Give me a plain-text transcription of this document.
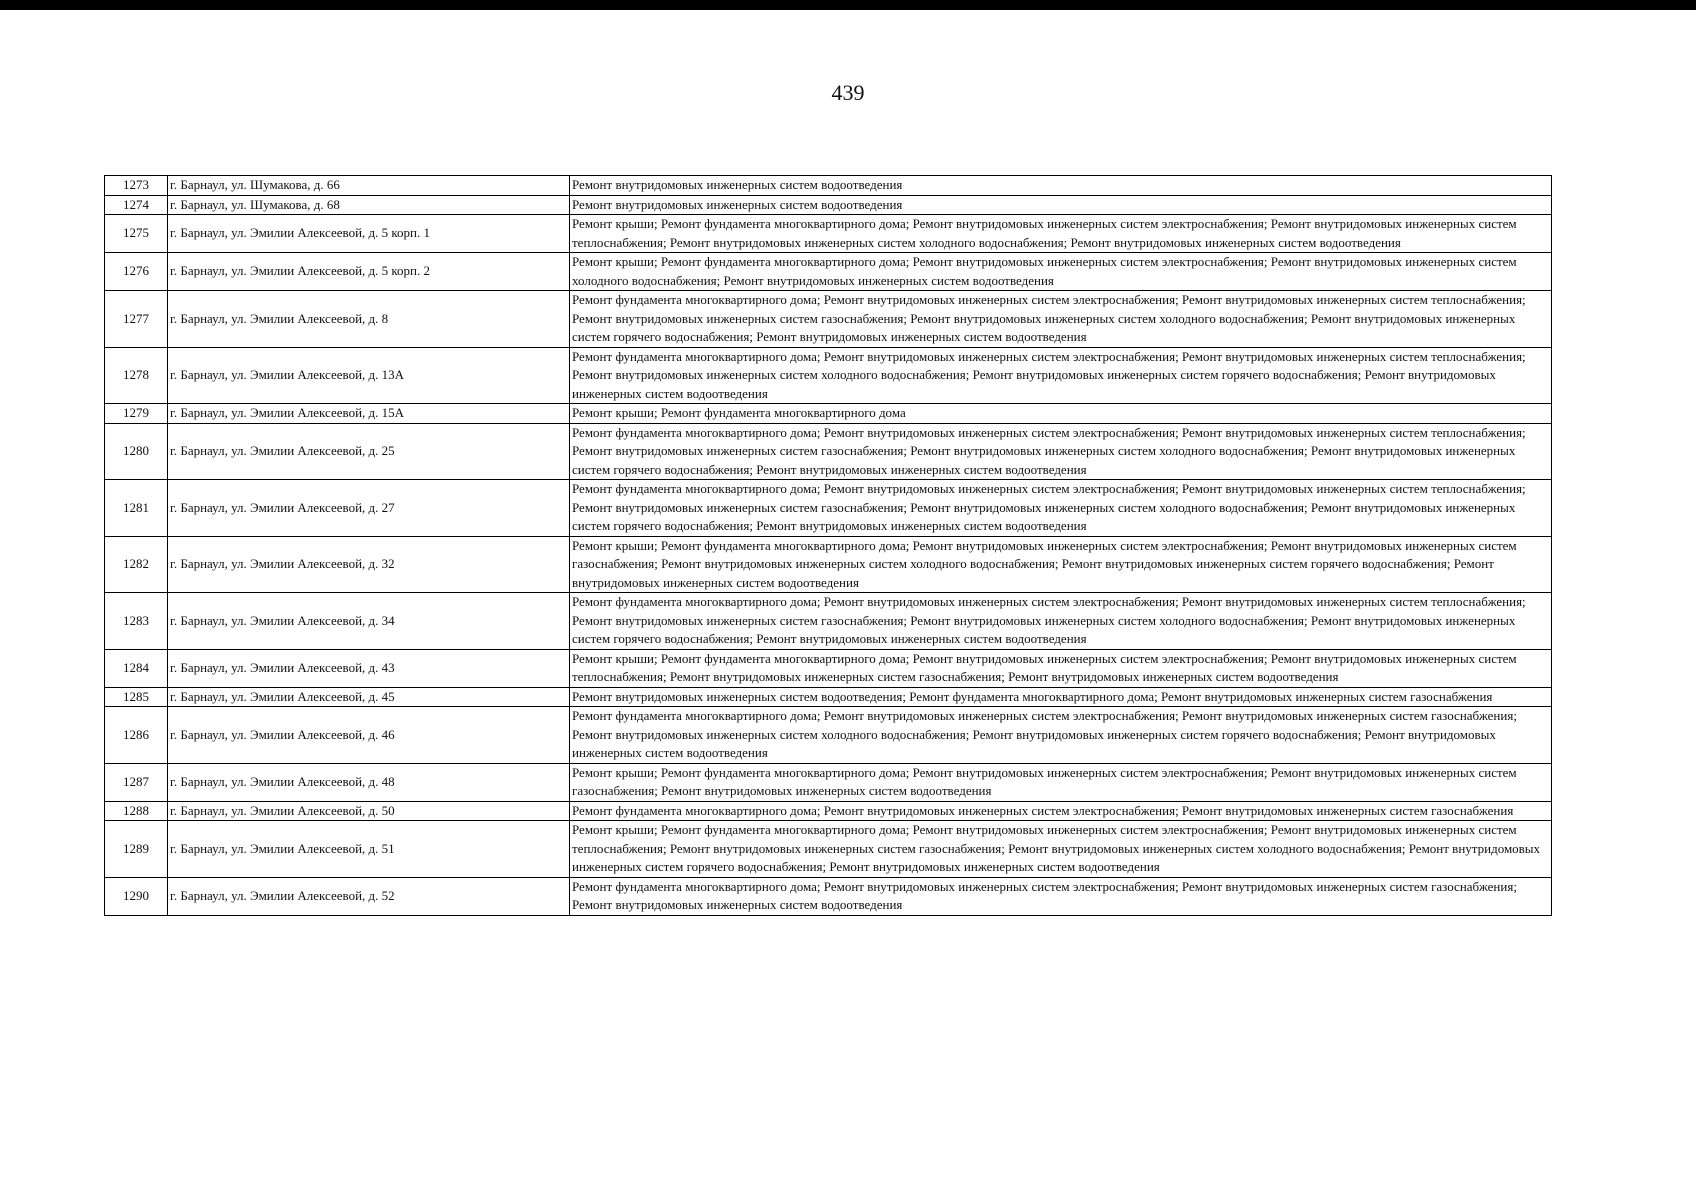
439
1273	г. Барнаул, ул. Шумакова, д. 66	Ремонт внутридомовых инженерных систем водоотведения
1274	г. Барнаул, ул. Шумакова, д. 68	Ремонт внутридомовых инженерных систем водоотведения
1275	г. Барнаул, ул. Эмилии Алексеевой, д. 5 корп. 1	Ремонт крыши; Ремонт фундамента многоквартирного дома; Ремонт внутридомовых инженерных систем электроснабжения; Ремонт внутридомовых инженерных систем теплоснабжения; Ремонт внутридомовых инженерных систем холодного водоснабжения; Ремонт внутридомовых инженерных систем водоотведения
1276	г. Барнаул, ул. Эмилии Алексеевой, д. 5 корп. 2	Ремонт крыши; Ремонт фундамента многоквартирного дома; Ремонт внутридомовых инженерных систем электроснабжения; Ремонт внутридомовых инженерных систем холодного водоснабжения; Ремонт внутридомовых инженерных систем водоотведения
1277	г. Барнаул, ул. Эмилии Алексеевой, д. 8	Ремонт фундамента многоквартирного дома; Ремонт внутридомовых инженерных систем электроснабжения; Ремонт внутридомовых инженерных систем теплоснабжения; Ремонт внутридомовых инженерных систем газоснабжения; Ремонт внутридомовых инженерных систем холодного водоснабжения; Ремонт внутридомовых инженерных систем горячего водоснабжения; Ремонт внутридомовых инженерных систем водоотведения
1278	г. Барнаул, ул. Эмилии Алексеевой, д. 13А	Ремонт фундамента многоквартирного дома; Ремонт внутридомовых инженерных систем электроснабжения; Ремонт внутридомовых инженерных систем теплоснабжения; Ремонт внутридомовых инженерных систем холодного водоснабжения; Ремонт внутридомовых инженерных систем горячего водоснабжения; Ремонт внутридомовых инженерных систем водоотведения
1279	г. Барнаул, ул. Эмилии Алексеевой, д. 15А	Ремонт крыши; Ремонт фундамента многоквартирного дома
1280	г. Барнаул, ул. Эмилии Алексеевой, д. 25	Ремонт фундамента многоквартирного дома; Ремонт внутридомовых инженерных систем электроснабжения; Ремонт внутридомовых инженерных систем теплоснабжения; Ремонт внутридомовых инженерных систем газоснабжения; Ремонт внутридомовых инженерных систем холодного водоснабжения; Ремонт внутридомовых инженерных систем горячего водоснабжения; Ремонт внутридомовых инженерных систем водоотведения
1281	г. Барнаул, ул. Эмилии Алексеевой, д. 27	Ремонт фундамента многоквартирного дома; Ремонт внутридомовых инженерных систем электроснабжения; Ремонт внутридомовых инженерных систем теплоснабжения; Ремонт внутридомовых инженерных систем газоснабжения; Ремонт внутридомовых инженерных систем холодного водоснабжения; Ремонт внутридомовых инженерных систем горячего водоснабжения; Ремонт внутридомовых инженерных систем водоотведения
1282	г. Барнаул, ул. Эмилии Алексеевой, д. 32	Ремонт крыши; Ремонт фундамента многоквартирного дома; Ремонт внутридомовых инженерных систем электроснабжения; Ремонт внутридомовых инженерных систем газоснабжения; Ремонт внутридомовых инженерных систем холодного водоснабжения; Ремонт внутридомовых инженерных систем горячего водоснабжения; Ремонт внутридомовых инженерных систем водоотведения
1283	г. Барнаул, ул. Эмилии Алексеевой, д. 34	Ремонт фундамента многоквартирного дома; Ремонт внутридомовых инженерных систем электроснабжения; Ремонт внутридомовых инженерных систем теплоснабжения; Ремонт внутридомовых инженерных систем газоснабжения; Ремонт внутридомовых инженерных систем холодного водоснабжения; Ремонт внутридомовых инженерных систем горячего водоснабжения; Ремонт внутридомовых инженерных систем водоотведения
1284	г. Барнаул, ул. Эмилии Алексеевой, д. 43	Ремонт крыши; Ремонт фундамента многоквартирного дома; Ремонт внутридомовых инженерных систем электроснабжения; Ремонт внутридомовых инженерных систем теплоснабжения; Ремонт внутридомовых инженерных систем газоснабжения; Ремонт внутридомовых инженерных систем водоотведения
1285	г. Барнаул, ул. Эмилии Алексеевой, д. 45	Ремонт внутридомовых инженерных систем водоотведения; Ремонт фундамента многоквартирного дома; Ремонт внутридомовых инженерных систем газоснабжения
1286	г. Барнаул, ул. Эмилии Алексеевой, д. 46	Ремонт фундамента многоквартирного дома; Ремонт внутридомовых инженерных систем электроснабжения; Ремонт внутридомовых инженерных систем газоснабжения; Ремонт внутридомовых инженерных систем холодного водоснабжения; Ремонт внутридомовых инженерных систем горячего водоснабжения; Ремонт внутридомовых инженерных систем водоотведения
1287	г. Барнаул, ул. Эмилии Алексеевой, д. 48	Ремонт крыши; Ремонт фундамента многоквартирного дома; Ремонт внутридомовых инженерных систем электроснабжения; Ремонт внутридомовых инженерных систем газоснабжения; Ремонт внутридомовых инженерных систем водоотведения
1288	г. Барнаул, ул. Эмилии Алексеевой, д. 50	Ремонт фундамента многоквартирного дома; Ремонт внутридомовых инженерных систем электроснабжения; Ремонт внутридомовых инженерных систем газоснабжения
1289	г. Барнаул, ул. Эмилии Алексеевой, д. 51	Ремонт крыши; Ремонт фундамента многоквартирного дома; Ремонт внутридомовых инженерных систем электроснабжения; Ремонт внутридомовых инженерных систем теплоснабжения; Ремонт внутридомовых инженерных систем газоснабжения; Ремонт внутридомовых инженерных систем холодного водоснабжения; Ремонт внутридомовых инженерных систем горячего водоснабжения; Ремонт внутридомовых инженерных систем водоотведения
1290	г. Барнаул, ул. Эмилии Алексеевой, д. 52	Ремонт фундамента многоквартирного дома; Ремонт внутридомовых инженерных систем электроснабжения; Ремонт внутридомовых инженерных систем газоснабжения; Ремонт внутридомовых инженерных систем водоотведения
